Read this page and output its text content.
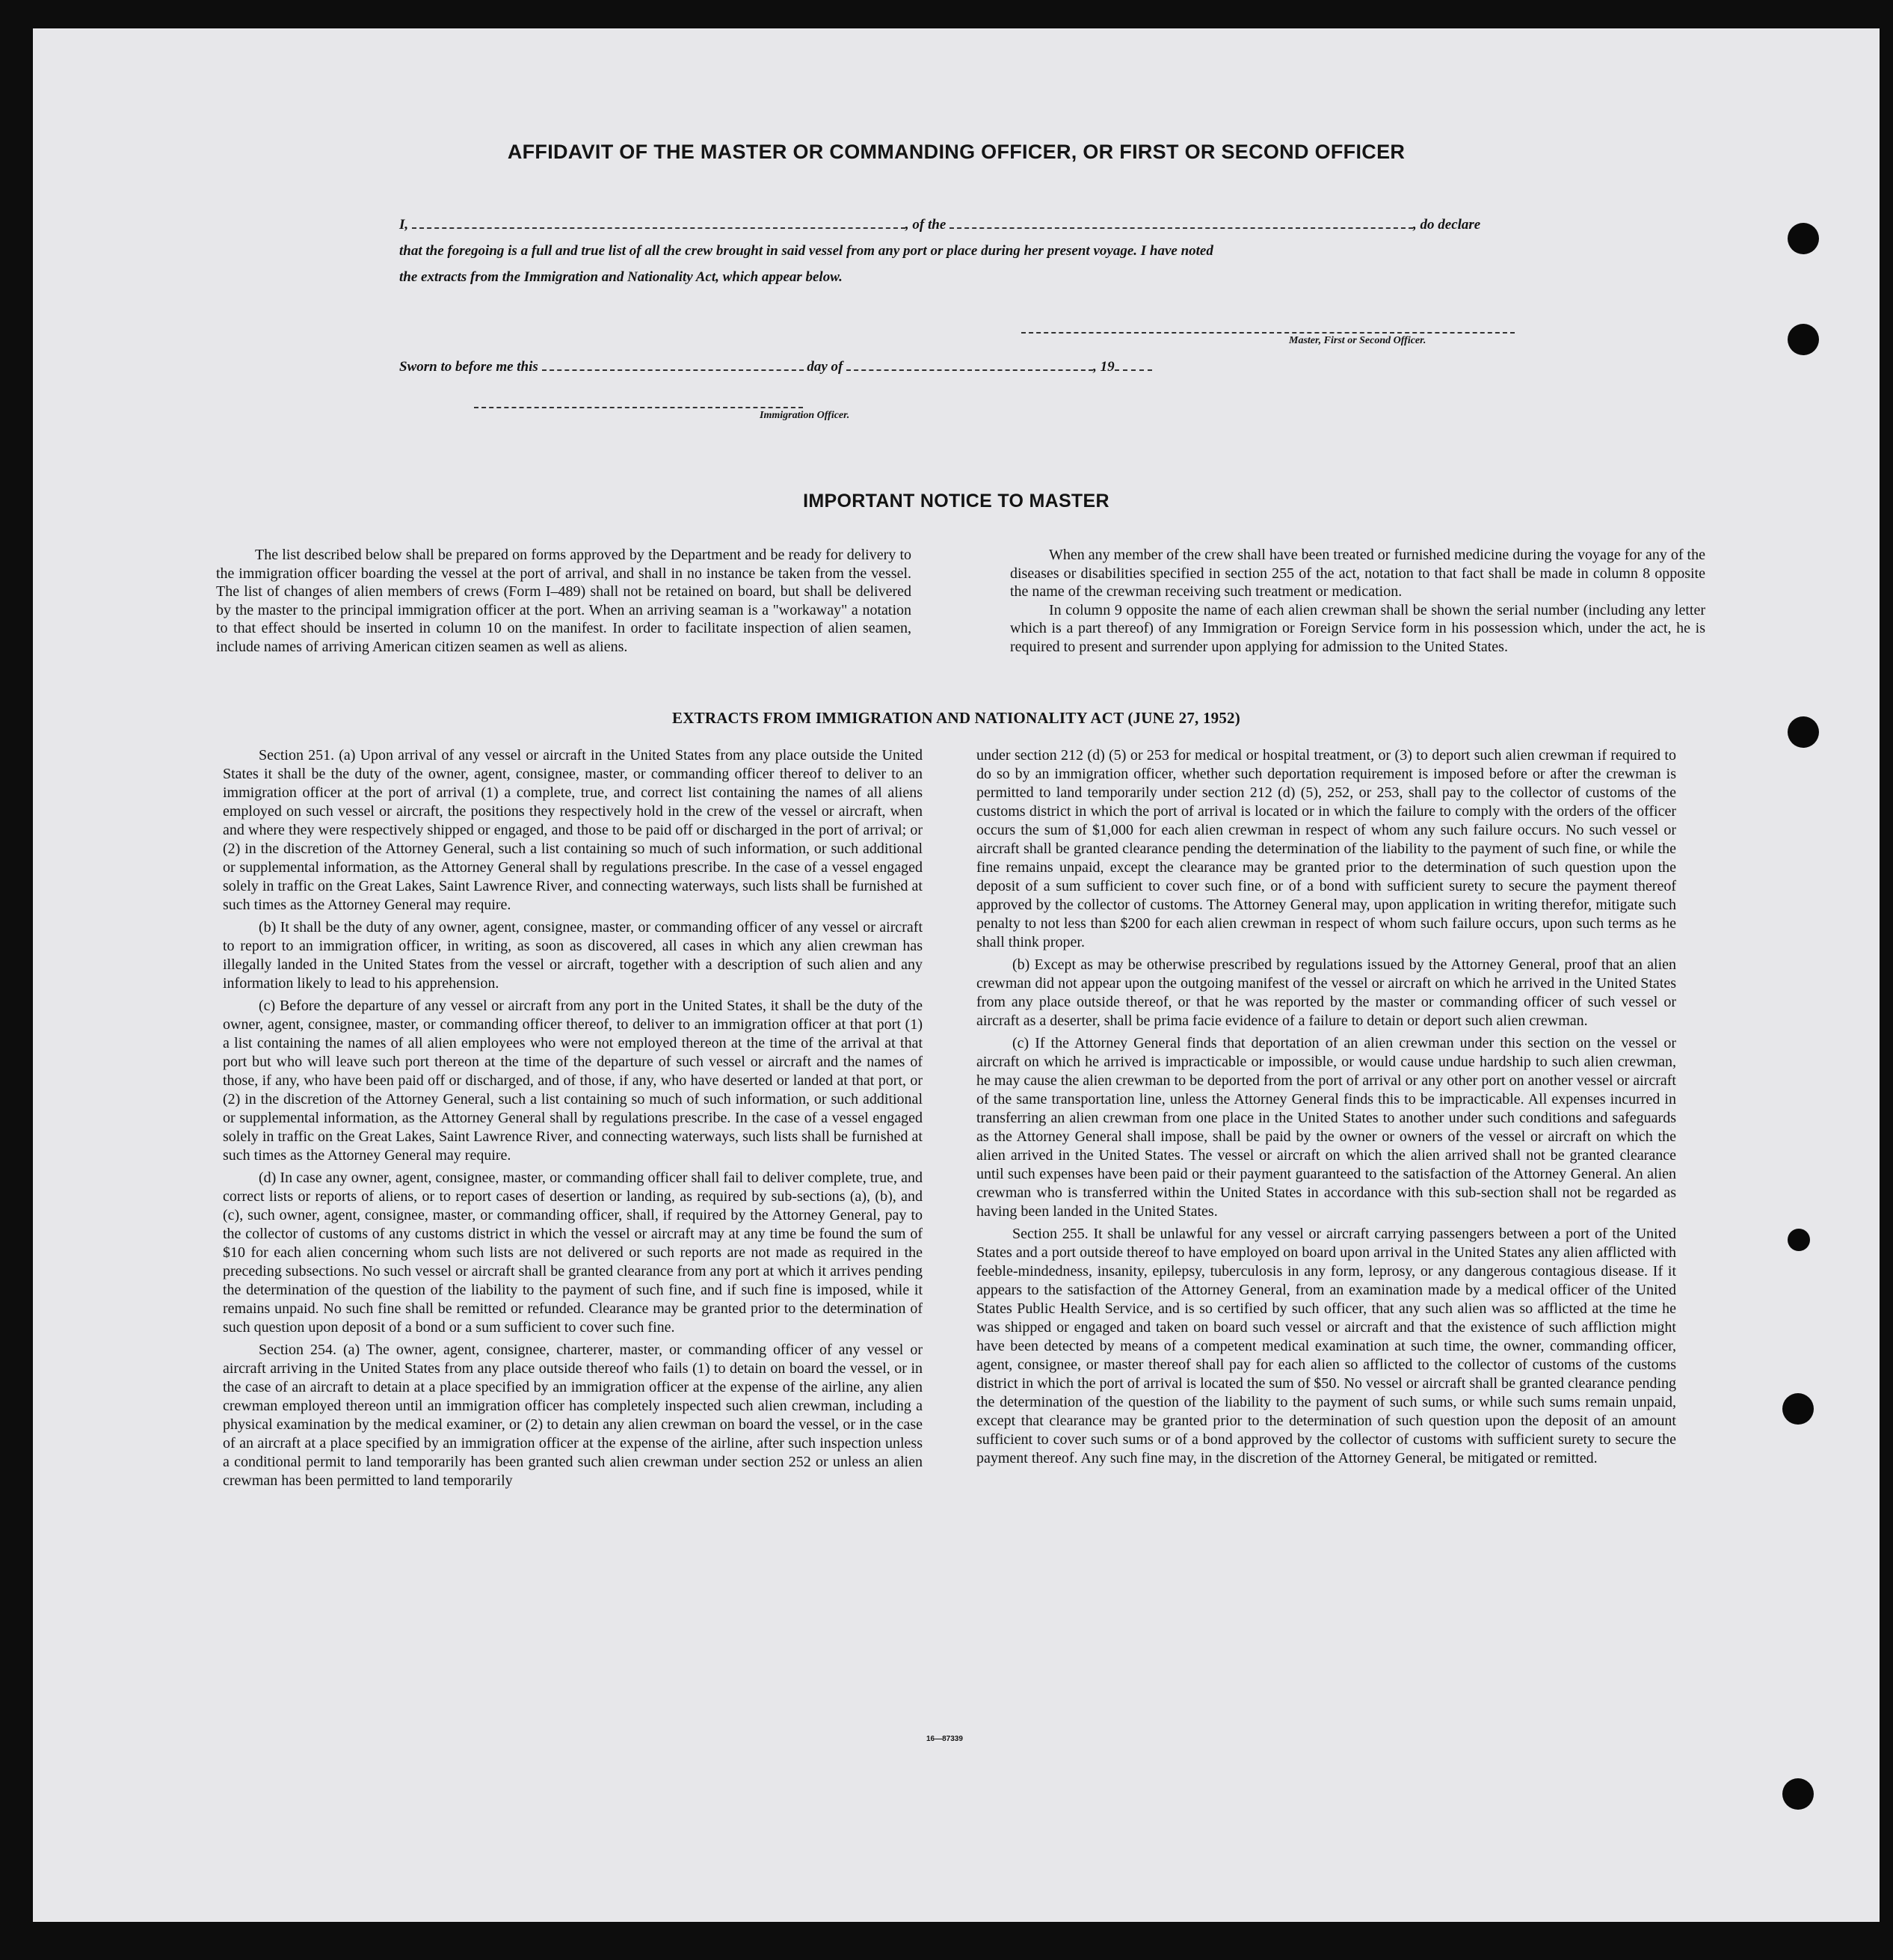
AFFIDAVIT OF THE MASTER OR COMMANDING OFFICER, OR FIRST OR SECOND OFFICER
I,	, of the	, do declare
that the foregoing is a full and true list of all the crew brought in said vessel from any port or place during her present voyage. I have noted
the extracts from the Immigration and Nationality Act, which appear below.
Master, First or Second Officer.
Sworn to before me this	day of	, 19
Immigration Officer.
IMPORTANT NOTICE TO MASTER

The list described below shall be prepared on forms approved by the Department and be ready for delivery to the immigration officer boarding the vessel at the port of arrival, and shall in no instance be taken from the vessel. The list of changes of alien members of crews (Form I–489) shall not be retained on board, but shall be delivered by the master to the principal immigration officer at the port. When an arriving seaman is a "workaway" a notation to that effect should be inserted in column 10 on the manifest. In order to facilitate inspection of alien seamen, include names of arriving American citizen seamen as well as aliens.

When any member of the crew shall have been treated or furnished medicine during the voyage for any of the diseases or disabilities specified in section 255 of the act, notation to that fact shall be made in column 8 opposite the name of the crewman receiving such treatment or medication.

In column 9 opposite the name of each alien crewman shall be shown the serial number (including any letter which is a part thereof) of any Immigration or Foreign Service form in his possession which, under the act, he is required to present and surrender upon applying for admission to the United States.

EXTRACTS FROM IMMIGRATION AND NATIONALITY ACT (JUNE 27, 1952)

Section 251. (a) Upon arrival of any vessel or aircraft in the United States from any place outside the United States it shall be the duty of the owner, agent, consignee, master, or commanding officer thereof to deliver to an immigration officer at the port of arrival (1) a complete, true, and correct list containing the names of all aliens employed on such vessel or aircraft, the positions they respectively hold in the crew of the vessel or aircraft, when and where they were respectively shipped or engaged, and those to be paid off or discharged in the port of arrival; or (2) in the discretion of the Attorney General, such a list containing so much of such information, or such additional or supplemental information, as the Attorney General shall by regulations prescribe. In the case of a vessel engaged solely in traffic on the Great Lakes, Saint Lawrence River, and connecting waterways, such lists shall be furnished at such times as the Attorney General may require.

(b) It shall be the duty of any owner, agent, consignee, master, or commanding officer of any vessel or aircraft to report to an immigration officer, in writing, as soon as discovered, all cases in which any alien crewman has illegally landed in the United States from the vessel or aircraft, together with a description of such alien and any information likely to lead to his apprehension.

(c) Before the departure of any vessel or aircraft from any port in the United States, it shall be the duty of the owner, agent, consignee, master, or commanding officer thereof, to deliver to an immigration officer at that port (1) a list containing the names of all alien employees who were not employed thereon at the time of the arrival at that port but who will leave such port thereon at the time of the departure of such vessel or aircraft and the names of those, if any, who have been paid off or discharged, and of those, if any, who have deserted or landed at that port, or (2) in the discretion of the Attorney General, such a list containing so much of such information, or such additional or supplemental information, as the Attorney General shall by regulations prescribe. In the case of a vessel engaged solely in traffic on the Great Lakes, Saint Lawrence River, and connecting waterways, such lists shall be furnished at such times as the Attorney General may require.

(d) In case any owner, agent, consignee, master, or commanding officer shall fail to deliver complete, true, and correct lists or reports of aliens, or to report cases of desertion or landing, as required by sub-sections (a), (b), and (c), such owner, agent, consignee, master, or commanding officer, shall, if required by the Attorney General, pay to the collector of customs of any customs district in which the vessel or aircraft may at any time be found the sum of $10 for each alien concerning whom such lists are not delivered or such reports are not made as required in the preceding subsections. No such vessel or aircraft shall be granted clearance from any port at which it arrives pending the determination of the question of the liability to the payment of such fine, and if such fine is imposed, while it remains unpaid. No such fine shall be remitted or refunded. Clearance may be granted prior to the determination of such question upon deposit of a bond or a sum sufficient to cover such fine.

Section 254. (a) The owner, agent, consignee, charterer, master, or commanding officer of any vessel or aircraft arriving in the United States from any place outside thereof who fails (1) to detain on board the vessel, or in the case of an aircraft to detain at a place specified by an immigration officer at the expense of the airline, any alien crewman employed thereon until an immigration officer has completely inspected such alien crewman, including a physical examination by the medical examiner, or (2) to detain any alien crewman on board the vessel, or in the case of an aircraft at a place specified by an immigration officer at the expense of the airline, after such inspection unless a conditional permit to land temporarily has been granted such alien crewman under section 252 or unless an alien crewman has been permitted to land temporarily

under section 212 (d) (5) or 253 for medical or hospital treatment, or (3) to deport such alien crewman if required to do so by an immigration officer, whether such deportation requirement is imposed before or after the crewman is permitted to land temporarily under section 212 (d) (5), 252, or 253, shall pay to the collector of customs of the customs district in which the port of arrival is located or in which the failure to comply with the orders of the officer occurs the sum of $1,000 for each alien crewman in respect of whom any such failure occurs. No such vessel or aircraft shall be granted clearance pending the determination of the liability to the payment of such fine, or while the fine remains unpaid, except the clearance may be granted prior to the determination of such question upon the deposit of a sum sufficient to cover such fine, or of a bond with sufficient surety to secure the payment thereof approved by the collector of customs. The Attorney General may, upon application in writing therefor, mitigate such penalty to not less than $200 for each alien crewman in respect of whom such failure occurs, upon such terms as he shall think proper.

(b) Except as may be otherwise prescribed by regulations issued by the Attorney General, proof that an alien crewman did not appear upon the outgoing manifest of the vessel or aircraft on which he arrived in the United States from any place outside thereof, or that he was reported by the master or commanding officer of such vessel or aircraft as a deserter, shall be prima facie evidence of a failure to detain or deport such alien crewman.

(c) If the Attorney General finds that deportation of an alien crewman under this section on the vessel or aircraft on which he arrived is impracticable or impossible, or would cause undue hardship to such alien crewman, he may cause the alien crewman to be deported from the port of arrival or any other port on another vessel or aircraft of the same transportation line, unless the Attorney General finds this to be impracticable. All expenses incurred in transferring an alien crewman from one place in the United States to another under such conditions and safeguards as the Attorney General shall impose, shall be paid by the owner or owners of the vessel or aircraft on which the alien arrived in the United States. The vessel or aircraft on which the alien arrived shall not be granted clearance until such expenses have been paid or their payment guaranteed to the satisfaction of the Attorney General. An alien crewman who is transferred within the United States in accordance with this sub-section shall not be regarded as having been landed in the United States.

Section 255. It shall be unlawful for any vessel or aircraft carrying passengers between a port of the United States and a port outside thereof to have employed on board upon arrival in the United States any alien afflicted with feeble-mindedness, insanity, epilepsy, tuberculosis in any form, leprosy, or any dangerous contagious disease. If it appears to the satisfaction of the Attorney General, from an examination made by a medical officer of the United States Public Health Service, and is so certified by such officer, that any such alien was so afflicted at the time he was shipped or engaged and taken on board such vessel or aircraft and that the existence of such affliction might have been detected by means of a competent medical examination at such time, the owner, commanding officer, agent, consignee, or master thereof shall pay for each alien so afflicted to the collector of customs of the customs district in which the port of arrival is located the sum of $50. No vessel or aircraft shall be granted clearance pending the determination of the question of the liability to the payment of such sums, or while such sums remain unpaid, except that clearance may be granted prior to the determination of such question upon the deposit of an amount sufficient to cover such sums or of a bond approved by the collector of customs with sufficient surety to secure the payment thereof. Any such fine may, in the discretion of the Attorney General, be mitigated or remitted.

16—87339
